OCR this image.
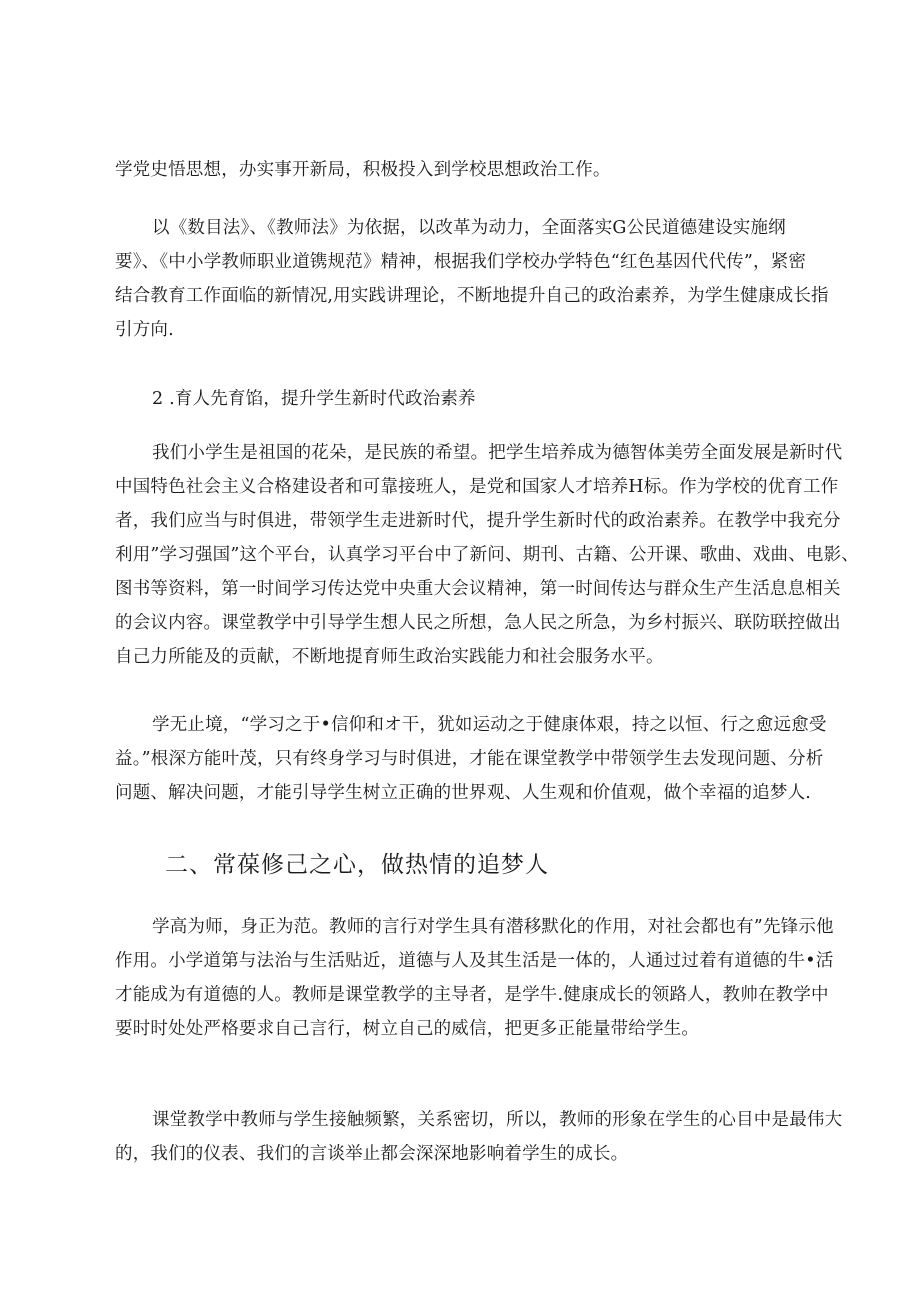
学党史悟思想，办实事开新局，积极投入到学校思想政治工作。
以《数目法》、《教师法》为依据，以改革为动力，全面落实G公民道德建设实施纲
要》、《中小学教师职业道镌规范》精神，根据我们学校办学特色“红色基因代代传”，紧密
结合教育工作面临的新情况,用实践讲理论，不断地提升自己的政治素养，为学生健康成长指
引方向.
2 .育人先育馅，提升学生新时代政治素养
我们小学生是祖国的花朵，是民族的希望。把学生培养成为德智体美劳全面发展是新时代
中国特色社会主义合格建设者和可靠接班人，是党和国家人才培养H标。作为学校的优育工作
者，我们应当与时俱进，带领学生走进新时代，提升学生新时代的政治素养。在教学中我充分
利用”学习强国”这个平台，认真学习平台中了新问、期刊、古籍、公开课、歌曲、戏曲、电影、
图书等资料，第一时间学习传达党中央重大会议精神，第一时间传达与群众生产生活息息相关
的会议内容。课堂教学中引导学生想人民之所想，急人民之所急，为乡村振兴、联防联控做出
自己力所能及的贡献，不断地提育师生政治实践能力和社会服务水平。
学无止境，“学习之于•信仰和オ干，犹如运动之于健康体艰，持之以恒、行之愈远愈受
益。”根深方能叶茂，只有终身学习与时俱进，才能在课堂教学中带领学生去发现问题、分析
问题、解决问题，才能引导学生树立正确的世界观、人生观和价值观，做个幸福的追梦人.
二、常葆修己之心，做热情的追梦人
学高为师，身正为范。教师的言行对学生具有潜移默化的作用，对社会都也有”先锋示他
作用。小学道第与法治与生活贴近，道德与人及其生活是一体的，人通过过着有道德的牛•活
才能成为有道德的人。教师是课堂教学的主导者，是学牛.健康成长的领路人，教帅在教学中
要时时处处严格要求自己言行，树立自己的威信，把更多正能量带给学生。
课堂教学中教师与学生接触频繁，关系密切，所以，教师的形象在学生的心目中是最伟大
的，我们的仪表、我们的言谈举止都会深深地影响着学生的成长。
